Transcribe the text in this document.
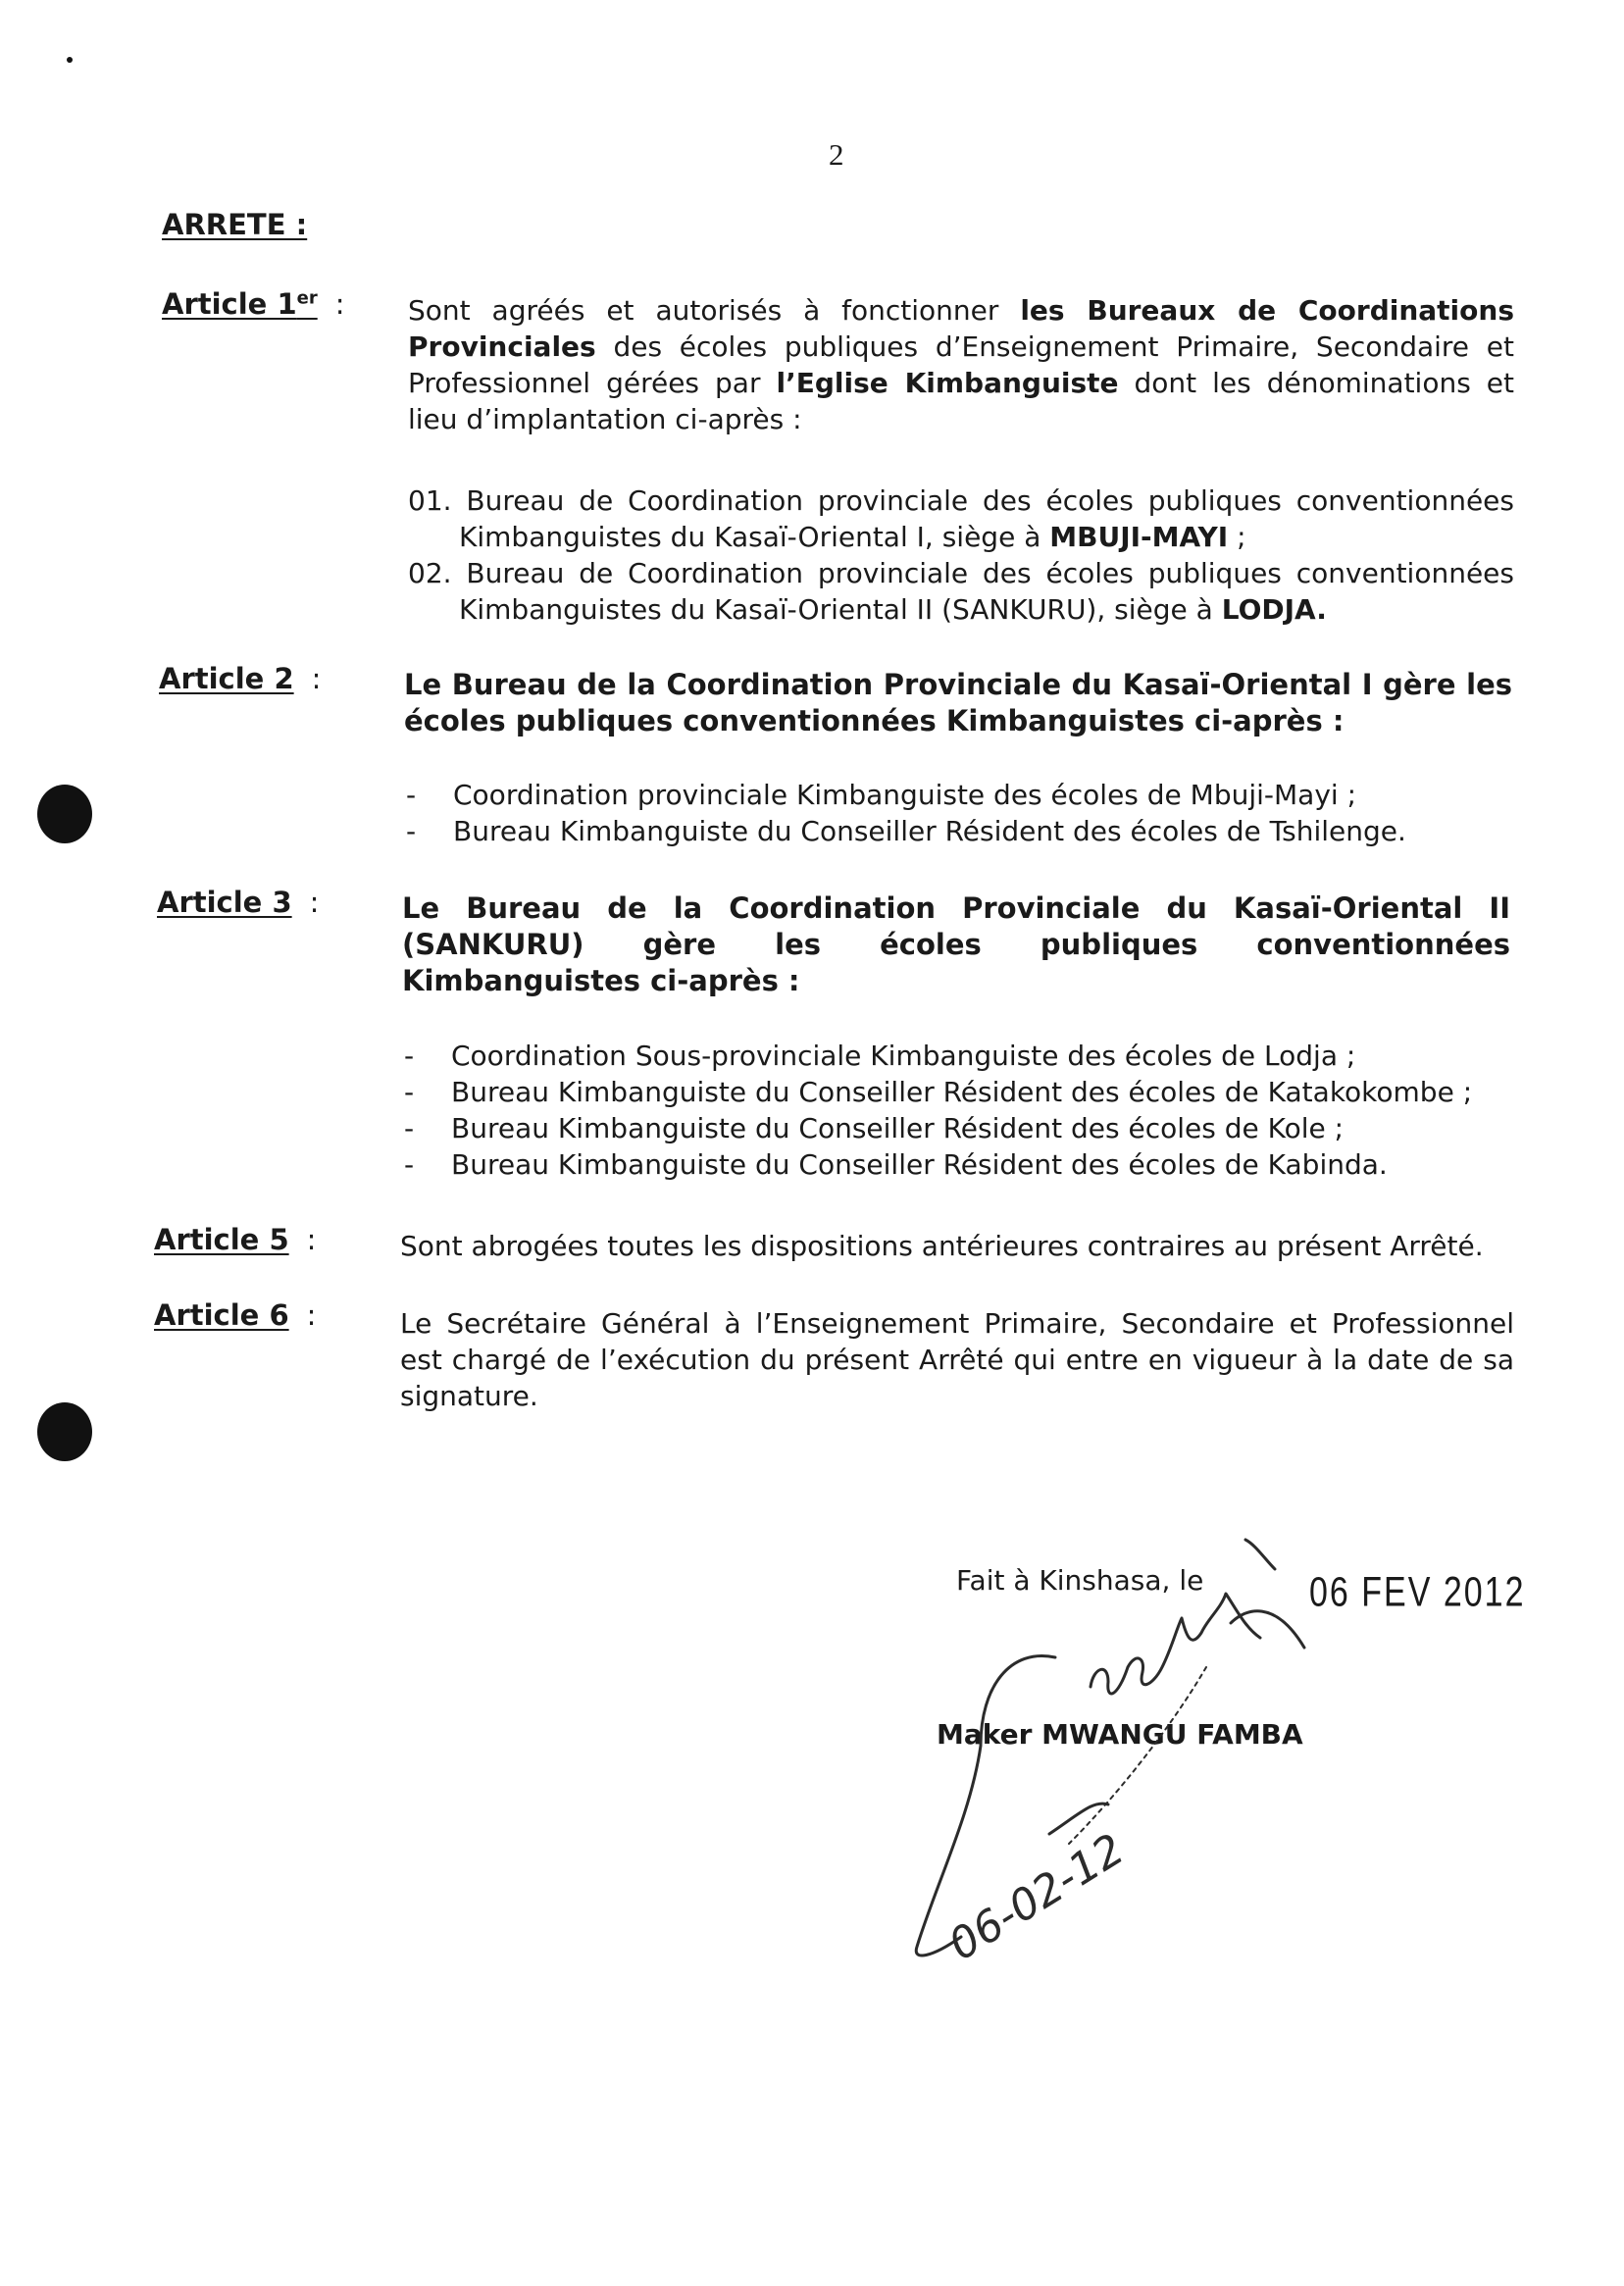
2
ARRETE :
Article 1er : Sont agréés et autorisés à fonctionner les Bureaux de Coordinations Provinciales des écoles publiques d’Enseignement Primaire, Secondaire et Professionnel gérées par l’Eglise Kimbanguiste dont les dénominations et lieu d’implantation ci-après :
01. Bureau de Coordination provinciale des écoles publiques conventionnées Kimbanguistes du Kasaï-Oriental I, siège à MBUJI-MAYI ;
02. Bureau de Coordination provinciale des écoles publiques conventionnées Kimbanguistes du Kasaï-Oriental II (SANKURU), siège à LODJA.
Article 2 :	Le Bureau de la Coordination Provinciale du Kasaï-Oriental I gère les écoles publiques conventionnées Kimbanguistes ci-après :
- Coordination provinciale Kimbanguiste des écoles de Mbuji-Mayi ;
- Bureau Kimbanguiste du Conseiller Résident des écoles de Tshilenge.
Article 3 :	Le Bureau de la Coordination Provinciale du Kasaï-Oriental II (SANKURU) gère les écoles publiques conventionnées Kimbanguistes ci-après :
- Coordination Sous-provinciale Kimbanguiste des écoles de Lodja ;
- Bureau Kimbanguiste du Conseiller Résident des écoles de Katakokombe ;
- Bureau Kimbanguiste du Conseiller Résident des écoles de Kole ;
- Bureau Kimbanguiste du Conseiller Résident des écoles de Kabinda.
Article 5 :	Sont abrogées toutes les dispositions antérieures contraires au présent Arrêté.
Article 6 :	Le Secrétaire Général à l’Enseignement Primaire, Secondaire et Professionnel est chargé de l’exécution du présent Arrêté qui entre en vigueur à la date de sa signature.
Fait à Kinshasa, le	06 FEV 2012
Maker MWANGU FAMBA
06-02-12
